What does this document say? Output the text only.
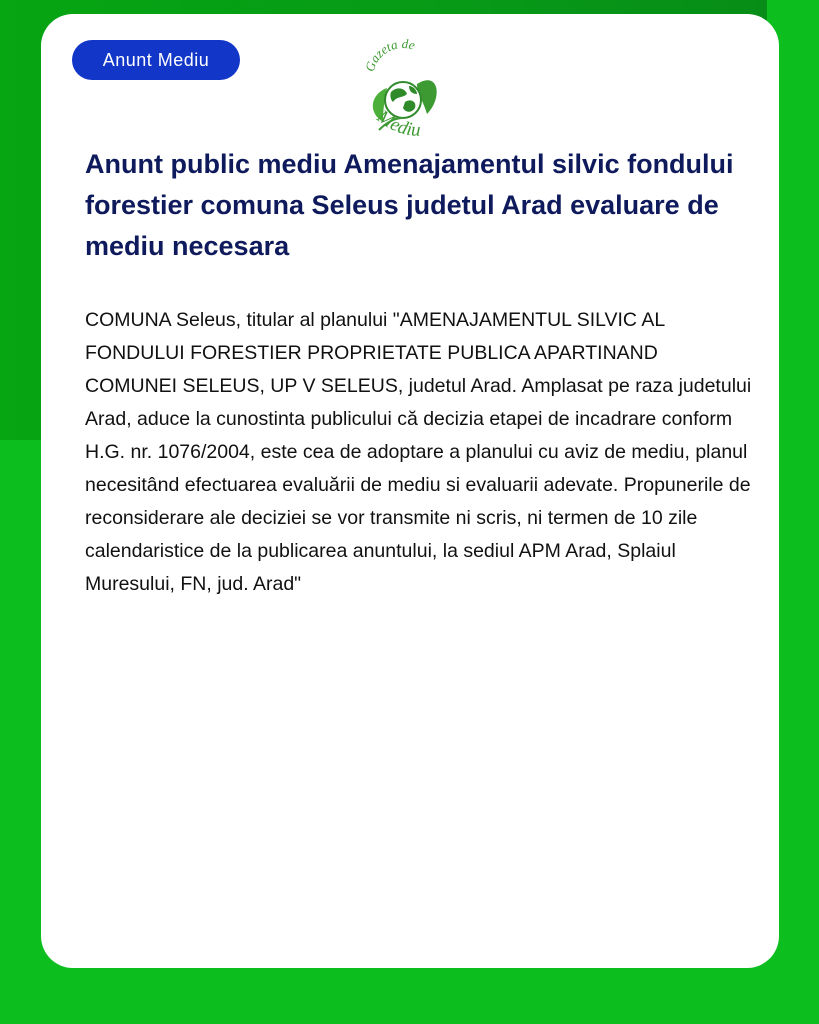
Anunt Mediu	Gazeta de
Mediu
Anunt public mediu Amenajamentul silvic fondului forestier comuna Seleus judetul Arad evaluare de mediu necesara

COMUNA Seleus, titular al planului "AMENAJAMENTUL SILVIC AL FONDULUI FORESTIER PROPRIETATE PUBLICA APARTINAND COMUNEI SELEUS, UP V SELEUS, judetul Arad. Amplasat pe raza judetului Arad, aduce la cunostinta publicului că decizia etapei de incadrare conform H.G. nr. 1076/2004, este cea de adoptare a planului cu aviz de mediu, planul necesitând efectuarea evaluării de mediu si evaluarii adevate. Propunerile de reconsiderare ale deciziei se vor transmite ni scris, ni termen de 10 zile calendaristice de la publicarea anuntului, la sediul APM Arad, Splaiul Muresului, FN, jud. Arad"
